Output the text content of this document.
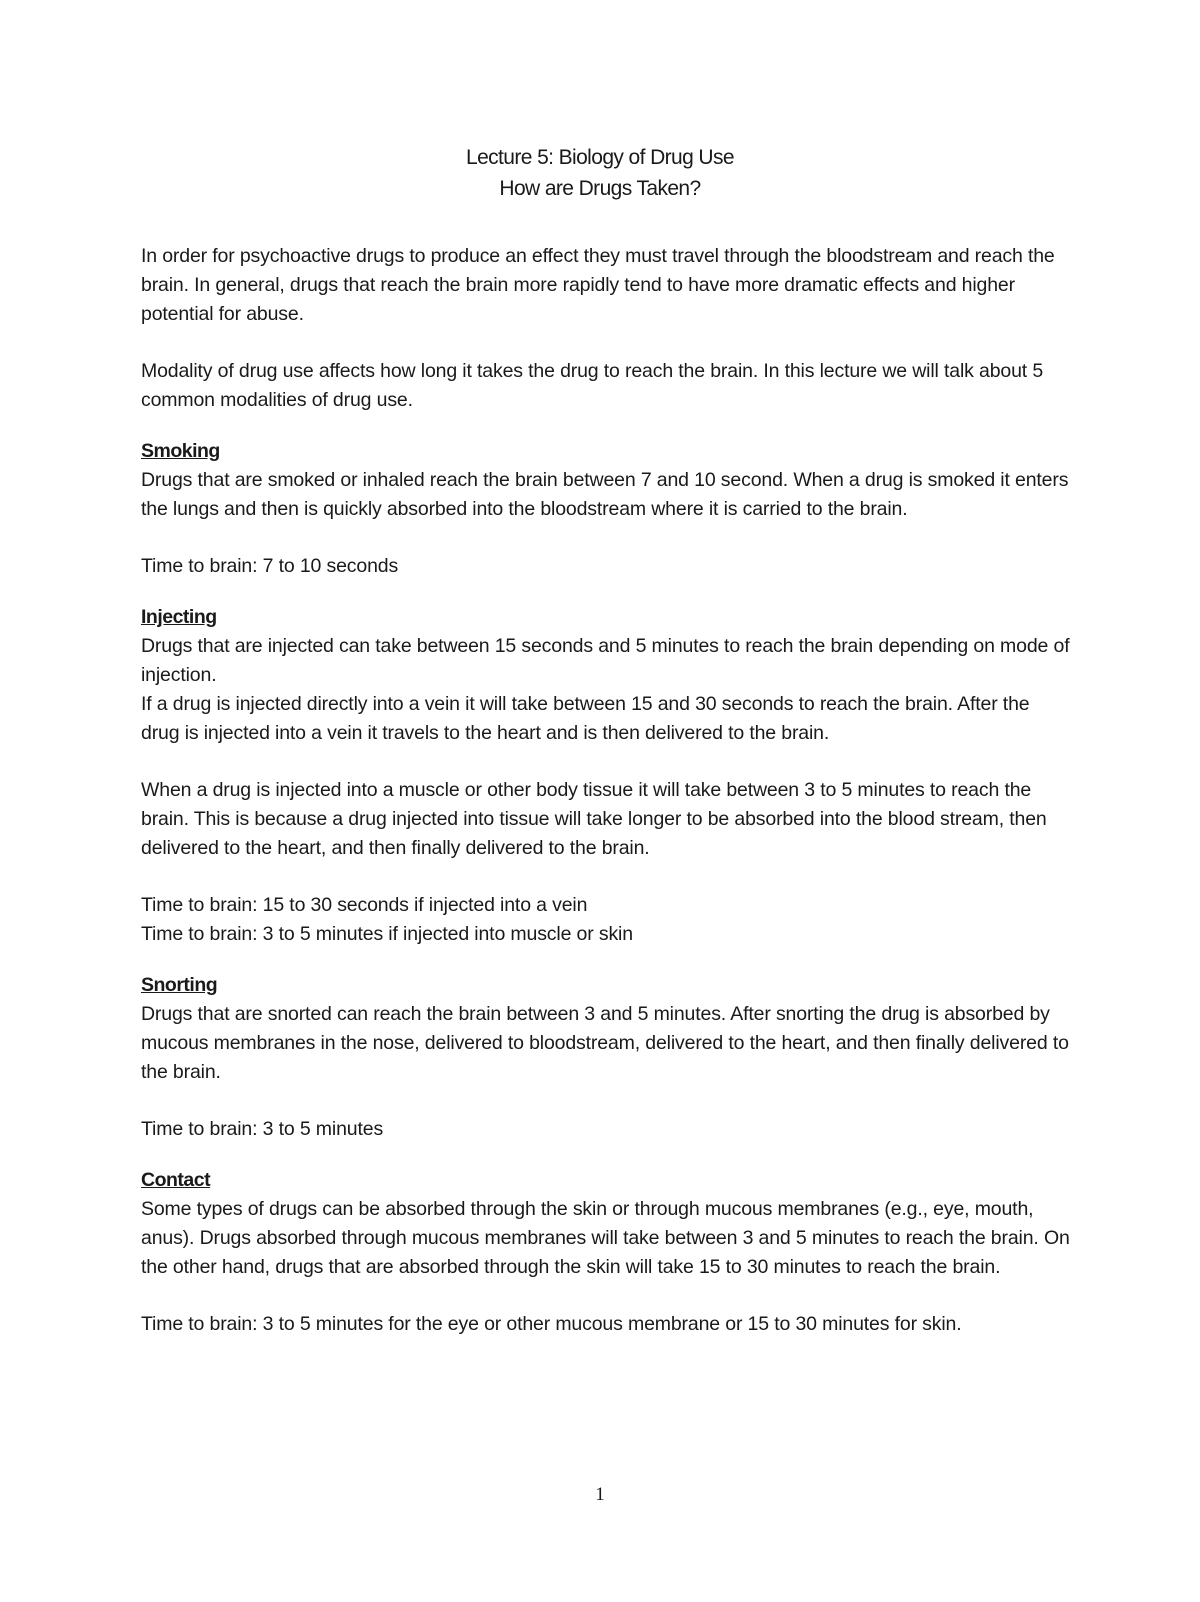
Lecture 5: Biology of Drug Use
How are Drugs Taken?

In order for psychoactive drugs to produce an effect they must travel through the bloodstream and reach the brain. In general, drugs that reach the brain more rapidly tend to have more dramatic effects and higher potential for abuse.

Modality of drug use affects how long it takes the drug to reach the brain. In this lecture we will talk about 5 common modalities of drug use.

Smoking

Drugs that are smoked or inhaled reach the brain between 7 and 10 second. When a drug is smoked it enters the lungs and then is quickly absorbed into the bloodstream where it is carried to the brain.

Time to brain: 7 to 10 seconds

Injecting

Drugs that are injected can take between 15 seconds and 5 minutes to reach the brain depending on mode of injection.

If a drug is injected directly into a vein it will take between 15 and 30 seconds to reach the brain. After the drug is injected into a vein it travels to the heart and is then delivered to the brain.

When a drug is injected into a muscle or other body tissue it will take between 3 to 5 minutes to reach the brain. This is because a drug injected into tissue will take longer to be absorbed into the blood stream, then delivered to the heart, and then finally delivered to the brain.

Time to brain: 15 to 30 seconds if injected into a vein

Time to brain: 3 to 5 minutes if injected into muscle or skin

Snorting

Drugs that are snorted can reach the brain between 3 and 5 minutes. After snorting the drug is absorbed by mucous membranes in the nose, delivered to bloodstream, delivered to the heart, and then finally delivered to the brain.

Time to brain: 3 to 5 minutes

Contact

Some types of drugs can be absorbed through the skin or through mucous membranes (e.g., eye, mouth, anus). Drugs absorbed through mucous membranes will take between 3 and 5 minutes to reach the brain. On the other hand, drugs that are absorbed through the skin will take 15 to 30 minutes to reach the brain.

Time to brain: 3 to 5 minutes for the eye or other mucous membrane or 15 to 30 minutes for skin.

1
